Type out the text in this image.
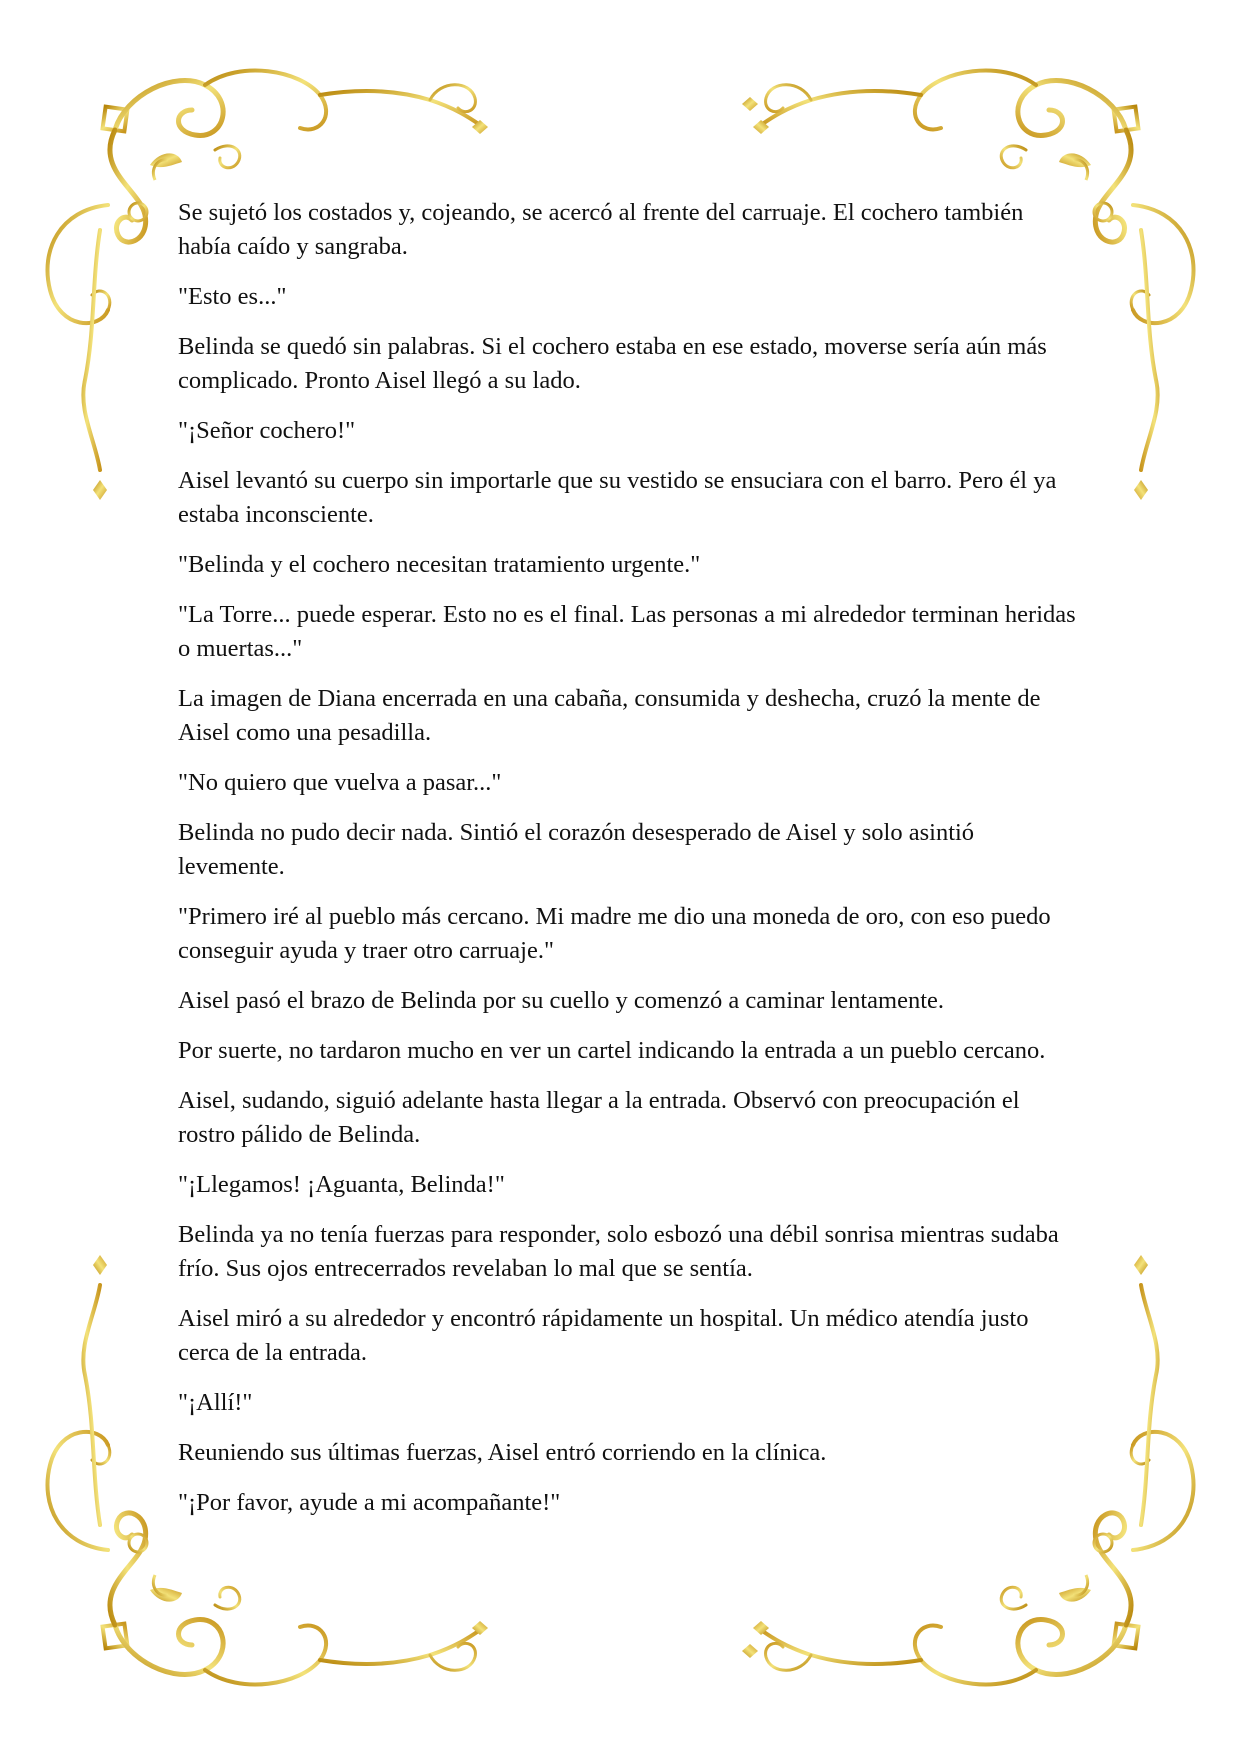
Se sujetó los costados y, cojeando, se acercó al frente del carruaje. El cochero también había caído y sangraba.

"Esto es..."

Belinda se quedó sin palabras. Si el cochero estaba en ese estado, moverse sería aún más complicado. Pronto Aisel llegó a su lado.

"¡Señor cochero!"

Aisel levantó su cuerpo sin importarle que su vestido se ensuciara con el barro. Pero él ya estaba inconsciente.

"Belinda y el cochero necesitan tratamiento urgente."

"La Torre... puede esperar. Esto no es el final. Las personas a mi alrededor terminan heridas o muertas..."

La imagen de Diana encerrada en una cabaña, consumida y deshecha, cruzó la mente de Aisel como una pesadilla.

"No quiero que vuelva a pasar..."

Belinda no pudo decir nada. Sintió el corazón desesperado de Aisel y solo asintió levemente.

"Primero iré al pueblo más cercano. Mi madre me dio una moneda de oro, con eso puedo conseguir ayuda y traer otro carruaje."

Aisel pasó el brazo de Belinda por su cuello y comenzó a caminar lentamente.

Por suerte, no tardaron mucho en ver un cartel indicando la entrada a un pueblo cercano.

Aisel, sudando, siguió adelante hasta llegar a la entrada. Observó con preocupación el rostro pálido de Belinda.

"¡Llegamos! ¡Aguanta, Belinda!"

Belinda ya no tenía fuerzas para responder, solo esbozó una débil sonrisa mientras sudaba frío. Sus ojos entrecerrados revelaban lo mal que se sentía.

Aisel miró a su alrededor y encontró rápidamente un hospital. Un médico atendía justo cerca de la entrada.

"¡Allí!"

Reuniendo sus últimas fuerzas, Aisel entró corriendo en la clínica.

"¡Por favor, ayude a mi acompañante!"
